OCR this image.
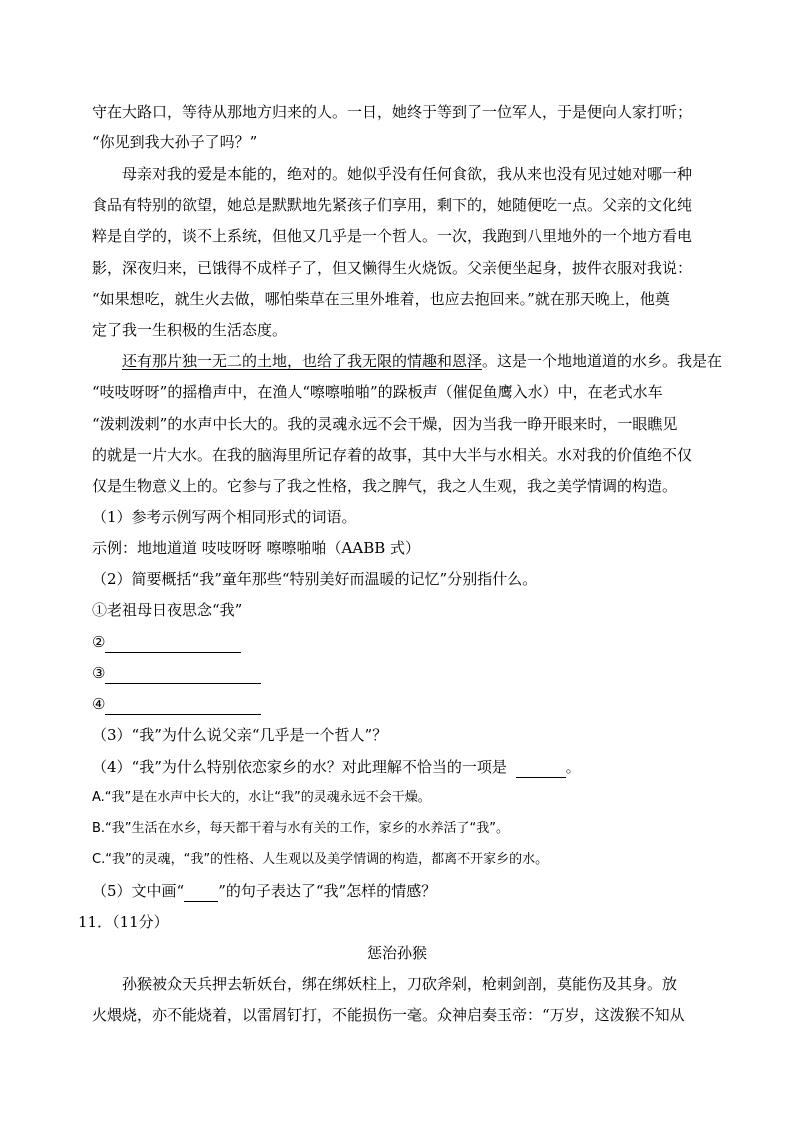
守在大路口，等待从那地方归来的人。一日，她终于等到了一位军人，于是便向人家打听；
“你见到我大孙子了吗？”
母亲对我的爱是本能的，绝对的。她似乎没有任何食欲，我从来也没有见过她对哪一种
食品有特别的欲望，她总是默默地先紧孩子们享用，剩下的，她随便吃一点。父亲的文化纯
粹是自学的，谈不上系统，但他又几乎是一个哲人。一次，我跑到八里地外的一个地方看电
影，深夜归来，已饿得不成样子了，但又懒得生火烧饭。父亲便坐起身，披件衣服对我说：
“如果想吃，就生火去做，哪怕柴草在三里外堆着，也应去抱回来。”就在那天晚上，他奠
定了我一生积极的生活态度。
还有那片独一无二的土地，也给了我无限的情趣和恩泽。这是一个地地道道的水乡。我是在
“吱吱呀呀”的摇橹声中，在渔人“嚓嚓啪啪”的跺板声（催促鱼鹰入水）中，在老式水车
“泼剌泼剌”的水声中长大的。我的灵魂永远不会干燥，因为当我一睁开眼来时，一眼瞧见
的就是一片大水。在我的脑海里所记存着的故事，其中大半与水相关。水对我的价值绝不仅
仅是生物意义上的。它参与了我之性格，我之脾气，我之人生观，我之美学情调的构造。
（1）参考示例写两个相同形式的词语。
示例：地地道道 吱吱呀呀 嚓嚓啪啪（AABB 式）
（2）简要概括“我”童年那些“特别美好而温暖的记忆”分别指什么。
①老祖母日夜思念“我”
②
③
④
（3）“我”为什么说父亲“几乎是一个哲人”？
（4）“我”为什么特别依恋家乡的水？对此理解不恰当的一项是	。
A.“我”是在水声中长大的，水让“我”的灵魂永远不会干燥。
B.“我”生活在水乡，每天都干着与水有关的工作，家乡的水养活了“我”。
C.“我”的灵魂，“我”的性格、人生观以及美学情调的构造，都离不开家乡的水。
（5）文中画“ ”的句子表达了“我”怎样的情感？
11．（11分）
惩治孙猴
孙猴被众天兵押去斩妖台，绑在绑妖柱上，刀砍斧剁，枪刺剑剖，莫能伤及其身。放
火煨烧，亦不能烧着，以雷屑钉打，不能损伤一毫。众神启奏玉帝：“万岁，这泼猴不知从
